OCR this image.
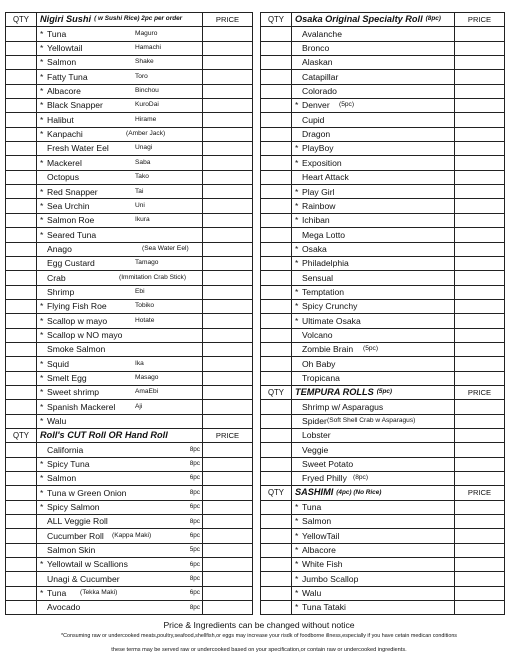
QTY	Nigiri Sushi ( w Sushi Rice) 2pc per order	PRICE
* Tuna	Maguro
* Yellowtail	Hamachi
* Salmon	Shake
* Fatty Tuna	Toro
* Albacore	Binchou
* Black Snapper	KuroDai
* Halibut	Hirame
* Kanpachi	(Amber Jack)
Fresh Water Eel	Unagi
* Mackerel	Saba
Octopus	Tako
* Red Snapper	Tai
* Sea Urchin	Uni
* Salmon Roe	Ikura
* Seared Tuna
Anago	(Sea Water Eel)
Egg Custard	Tamago
Crab	(Immitation Crab Stick)
Shrimp	Ebi
* Flying Fish Roe	Tobiko
* Scallop w mayo	Hotate
* Scallop w NO mayo
Smoke Salmon
* Squid	Ika
* Smelt Egg	Masago
* Sweet shrimp	AmaEbi
* Spanish Mackerel	Aji
* Walu
QTY	Roll's CUT Roll OR Hand Roll	PRICE
California	8pc
* Spicy Tuna	8pc
* Salmon	6pc
* Tuna w Green Onion	8pc
* Spicy Salmon	6pc
ALL Veggie Roll	8pc
Cucumber Roll (Kappa Maki)	6pc
Salmon Skin	5pc
* Yellowtail w Scallions	6pc
Unagi & Cucumber	8pc
* Tuna (Tekka Maki)	6pc
Avocado	8pc
QTY	Osaka Original Specialty Roll (8pc)	PRICE
Avalanche
Bronco
Alaskan
Catapillar
Colorado
* Denver (5pc)
Cupid
Dragon
* PlayBoy
* Exposition
Heart Attack
* Play Girl
* Rainbow
* Ichiban
Mega Lotto
* Osaka
* Philadelphia
Sensual
* Temptation
* Spicy Crunchy
* Ultimate Osaka
Volcano
Zombie Brain (5pc)
Oh Baby
Tropicana
QTY	TEMPURA ROLLS (5pc)	PRICE
Shrimp w/ Asparagus
Spider (Soft Shell Crab w Asparagus)
Lobster
Veggie
Sweet Potato
Fryed Philly (8pc)
QTY	SASHIMI (4pc) (No Rice)	PRICE
* Tuna
* Salmon
* YellowTail
* Albacore
* White Fish
* Jumbo Scallop
* Walu
* Tuna Tataki
Price & Ingredients can be changed without notice
*Consuming raw or undercooked meats,poultry,seafood,shellfish,or eggs may increase your risdk of foodborne illness,especially if you have cetain medican conditions
these terms may be served raw or undercooked based on your specification,or contain raw or undercooked ingredients.
